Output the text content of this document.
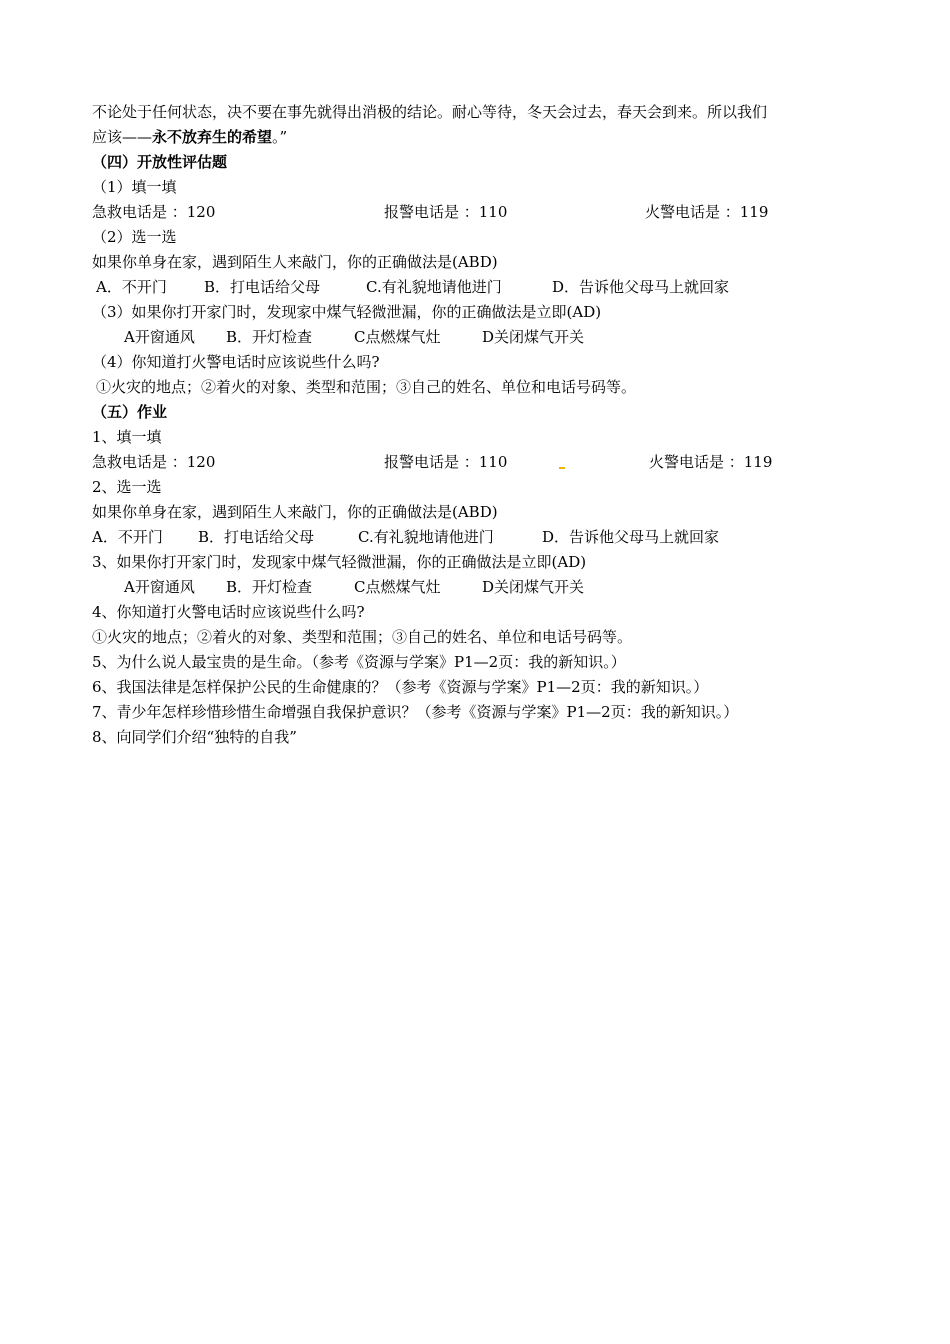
不论处于任何状态，决不要在事先就得出消极的结论。耐心等待，冬天会过去，春天会到来。所以我们
应该——永不放弃生的希望。”
（四）开放性评估题
（1）填一填
急救电话是 ：120	报警电话是 ：110	火警电话是 ：119
（2）选一选
如果你单身在家，遇到陌生人来敲门，你的正确做法是(ABD)
A．不开门 B．打电话给父母	C.有礼貌地请他进门	D．告诉他父母马上就回家
（3）如果你打开家门时，发现家中煤气轻微泄漏，你的正确做法是立即(AD)
A开窗通风 B．开灯检查	C点燃煤气灶	D关闭煤气开关
（4）你知道打火警电话时应该说些什么吗?
①火灾的地点；②着火的对象、类型和范围；③自己的姓名、单位和电话号码等。
（五）作业
1、填一填
急救电话是 ：120	报警电话是 ：110	火警电话是 ：119
2、选一选
如果你单身在家，遇到陌生人来敲门，你的正确做法是(ABD)
A．不开门 B．打电话给父母	C.有礼貌地请他进门	D．告诉他父母马上就回家
3、如果你打开家门时，发现家中煤气轻微泄漏，你的正确做法是立即(AD)
A开窗通风 B．开灯检查	C点燃煤气灶	D关闭煤气开关
4、你知道打火警电话时应该说些什么吗?
①火灾的地点；②着火的对象、类型和范围；③自己的姓名、单位和电话号码等。
5、为什么说人最宝贵的是生命。（参考《资源与学案》P1—2页：我的新知识。）
6、我国法律是怎样保护公民的生命健康的？（参考《资源与学案》P1—2页：我的新知识。）
7、青少年怎样珍惜珍惜生命增强自我保护意识？（参考《资源与学案》P1—2页：我的新知识。）
8、向同学们介绍“独特的自我”
